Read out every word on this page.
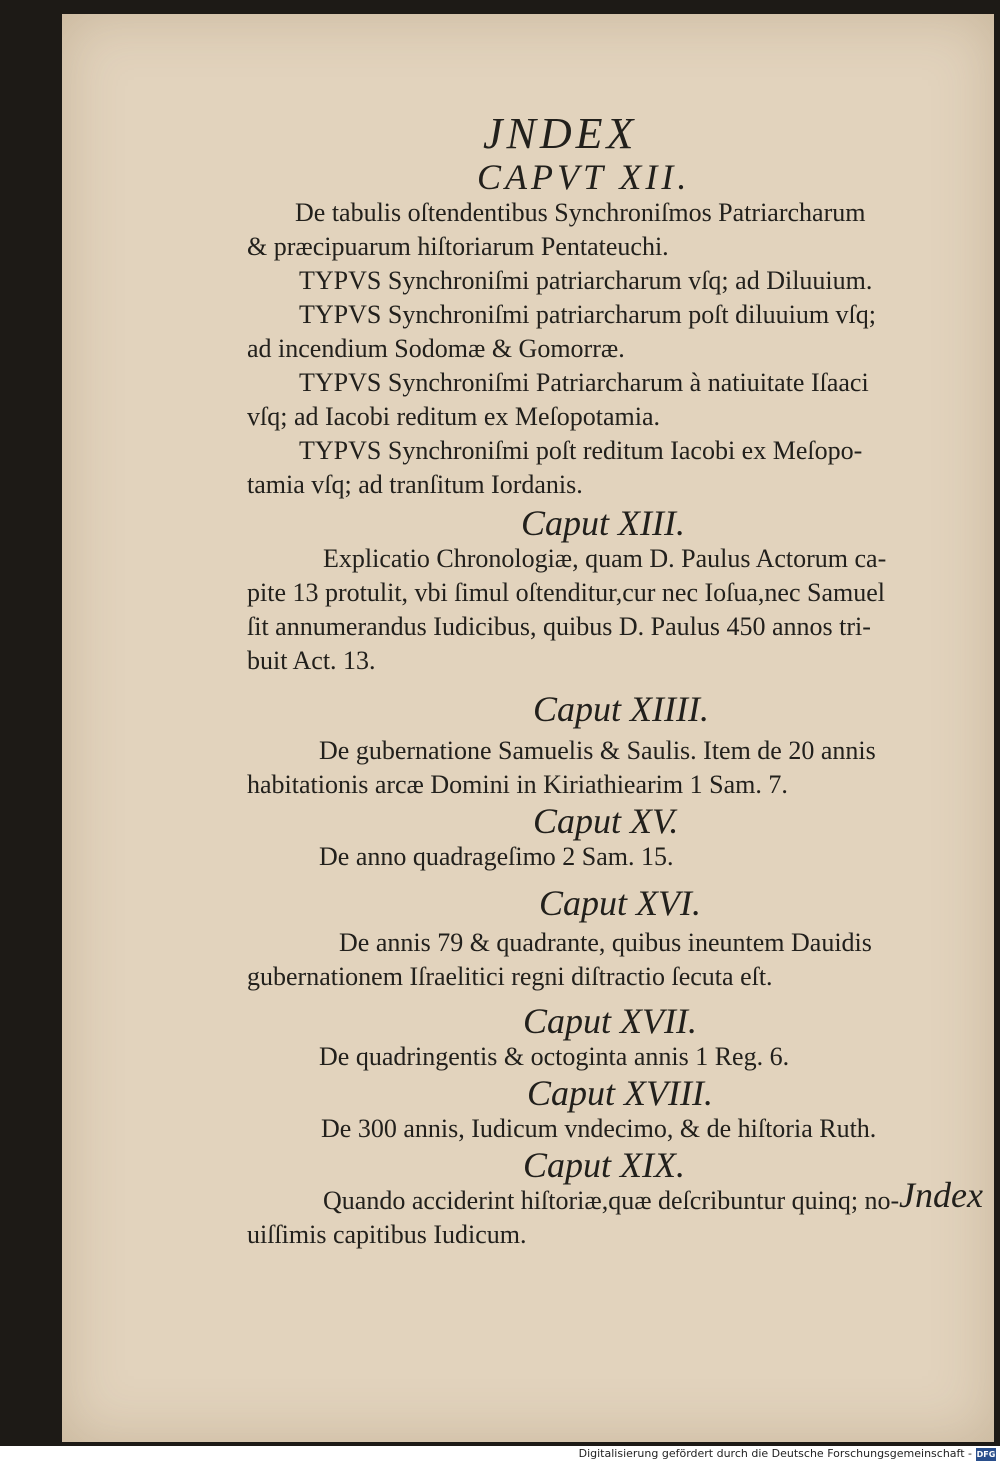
JNDEX
CAPVT XII.
De tabulis oſtendentibus Synchroniſmos Patriarcharum
& præcipuarum hiſtoriarum Pentateuchi.
TYPVS Synchroniſmi patriarcharum vſq; ad Diluuium.
TYPVS Synchroniſmi patriarcharum poſt diluuium vſq;
ad incendium Sodomæ & Gomorræ.
TYPVS Synchroniſmi Patriarcharum à natiuitate Iſaaci
vſq; ad Iacobi reditum ex Meſopotamia.
TYPVS Synchroniſmi poſt reditum Iacobi ex Meſopo-
tamia vſq; ad tranſitum Iordanis.
Caput XIII.
Explicatio Chronologiæ, quam D. Paulus Actorum ca-
pite 13 protulit, vbi ſimul oſtenditur,cur nec Ioſua,nec Samuel
ſit annumerandus Iudicibus, quibus D. Paulus 450 annos tri-
buit Act. 13.
Caput XIIII.
De gubernatione Samuelis & Saulis. Item de 20 annis
habitationis arcæ Domini in Kiriathiearim 1 Sam. 7.
Caput XV.
De anno quadrageſimo 2 Sam. 15.
Caput XVI.
De annis 79 & quadrante, quibus ineuntem Dauidis
gubernationem Iſraelitici regni diſtractio ſecuta eſt.
Caput XVII.
De quadringentis & octoginta annis 1 Reg. 6.
Caput XVIII.
De 300 annis, Iudicum vndecimo, & de hiſtoria Ruth.
Caput XIX.
Quando acciderint hiſtoriæ,quæ deſcribuntur quinq; no-
uiſſimis capitibus Iudicum.
Jndex
Digitalisierung gefördert durch die Deutsche Forschungsgemeinschaft - DFG
